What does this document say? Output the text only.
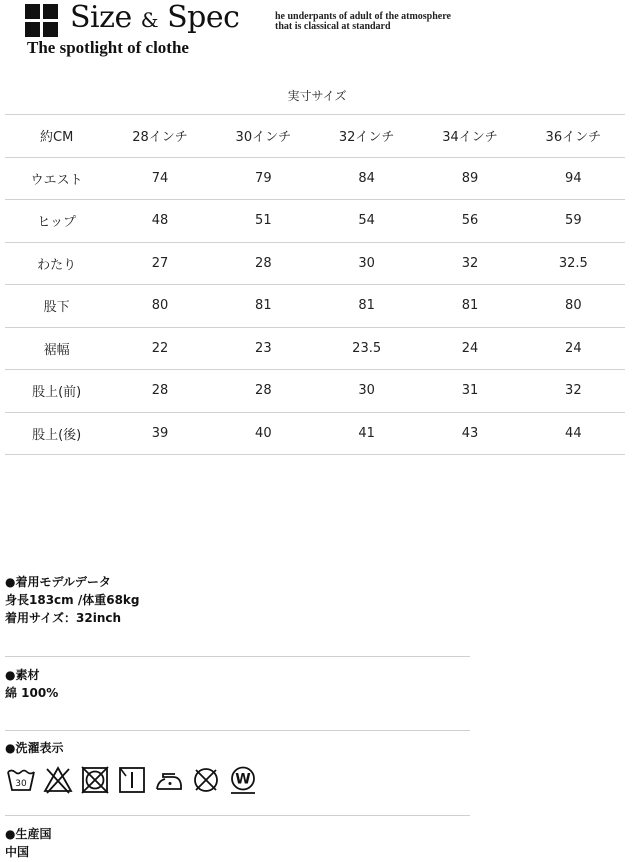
Size & Spec	he underpants of adult of the atmosphere
that is classical at standard
The spotlight of clothe
実寸サイズ
約CM	28インチ	30インチ	32インチ	34インチ	36インチ
ウエスト	74	79	84	89	94
ヒップ	48	51	54	56	59
わたり	27	28	30	32	32.5
股下	80	81	81	81	80
裾幅	22	23	23.5	24	24
股上(前)	28	28	30	31	32
股上(後)	39	40	41	43	44
●着用モデルデータ
身長183cm /体重68kg
着用サイズ：32inch
●素材
綿 100%
●洗濯表示
30	W
●生産国
中国
